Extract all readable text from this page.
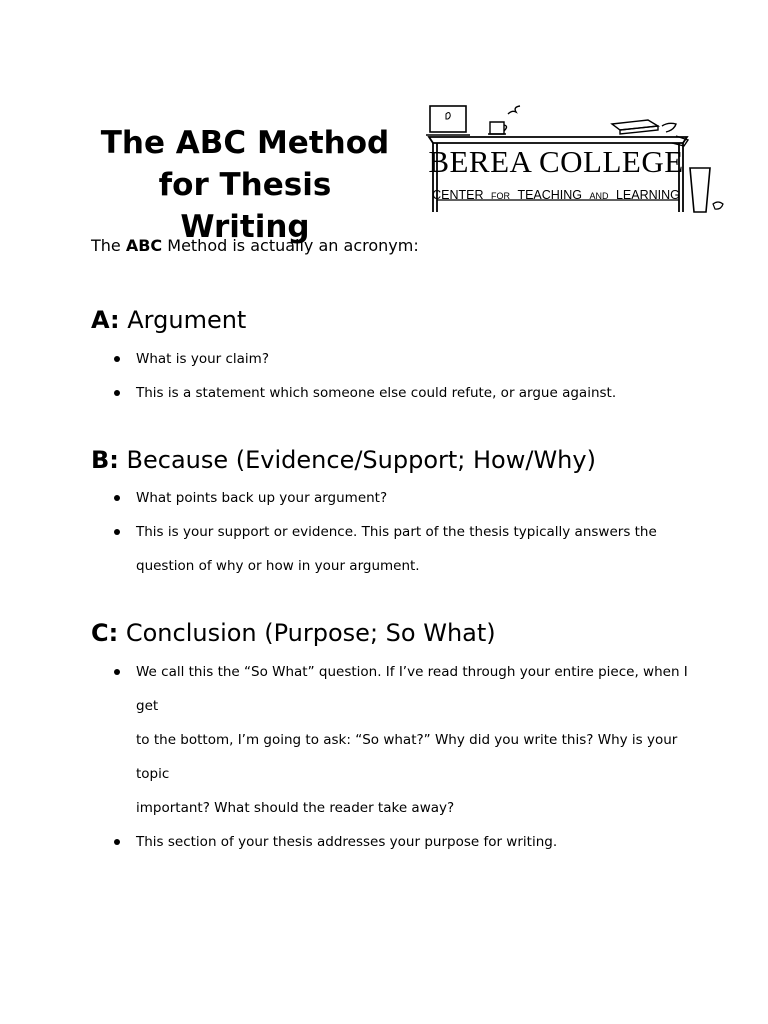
The ABC Method
for Thesis Writing
BEREA COLLEGE
CENTER FOR TEACHING AND LEARNING

The ABC Method is actually an acronym:

A: Argument
What is your claim?
This is a statement which someone else could refute, or argue against.
B: Because (Evidence/Support; How/Why)
What points back up your argument?
This is your support or evidence. This part of the thesis typically answers the
question of why or how in your argument.
C: Conclusion (Purpose; So What)
We call this the “So What” question. If I’ve read through your entire piece, when I get
to the bottom, I’m going to ask: “So what?” Why did you write this? Why is your topic
important? What should the reader take away?
This section of your thesis addresses your purpose for writing.
